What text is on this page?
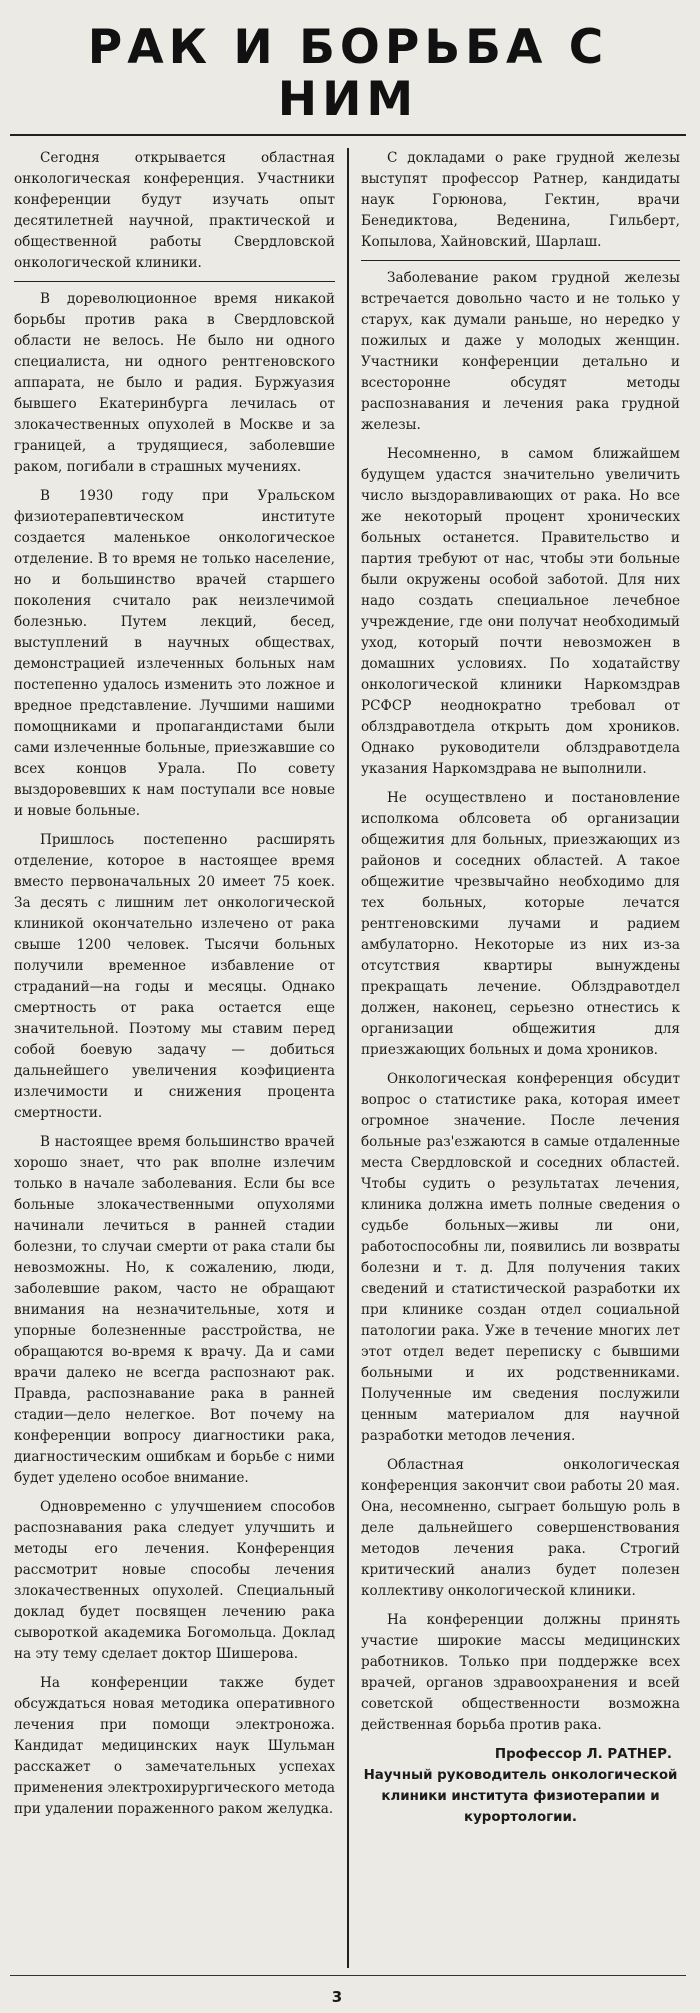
РАК И БОРЬБА С НИМ

Сегодня открывается областная онкологическая конференция. Участники конференции будут изучать опыт десятилетней научной, практической и общественной работы Свердловской онкологической клиники.

В дореволюционное время никакой борьбы против рака в Свердловской области не велось. Не было ни одного специалиста, ни одного рентгеновского аппарата, не было и радия. Буржуазия бывшего Екатеринбурга лечилась от злокачественных опухолей в Москве и за границей, а трудящиеся, заболевшие раком, погибали в страшных мучениях.

В 1930 году при Уральском физиотерапевтическом институте создается маленькое онкологическое отделение. В то время не только население, но и большинство врачей старшего поколения считало рак неизлечимой болезнью. Путем лекций, бесед, выступлений в научных обществах, демонстрацией излеченных больных нам постепенно удалось изменить это ложное и вредное представление. Лучшими нашими помощниками и пропагандистами были сами излеченные больные, приезжавшие со всех концов Урала. По совету выздоровевших к нам поступали все новые и новые больные.

Пришлось постепенно расширять отделение, которое в настоящее время вместо первоначальных 20 имеет 75 коек. За десять с лишним лет онкологической клиникой окончательно излечено от рака свыше 1200 человек. Тысячи больных получили временное избавление от страданий—на годы и месяцы. Однако смертность от рака остается еще значительной. Поэтому мы ставим перед собой боевую задачу — добиться дальнейшего увеличения коэфициента излечимости и снижения процента смертности.

В настоящее время большинство врачей хорошо знает, что рак вполне излечим только в начале заболевания. Если бы все больные злокачественными опухолями начинали лечиться в ранней стадии болезни, то случаи смерти от рака стали бы невозможны. Но, к сожалению, люди, заболевшие раком, часто не обращают внимания на незначительные, хотя и упорные болезненные расстройства, не обращаются во-время к врачу. Да и сами врачи далеко не всегда распознают рак. Правда, распознавание рака в ранней стадии—дело нелегкое. Вот почему на конференции вопросу диагностики рака, диагностическим ошибкам и борьбе с ними будет уделено особое внимание.

Одновременно с улучшением способов распознавания рака следует улучшить и методы его лечения. Конференция рассмотрит новые способы лечения злокачественных опухолей. Специальный доклад будет посвящен лечению рака сывороткой академика Богомольца. Доклад на эту тему сделает доктор Шишерова.

На конференции также будет обсуждаться новая методика оперативного лечения при помощи электроножа. Кандидат медицинских наук Шульман расскажет о замечательных успехах применения электрохирургического метода при удалении пораженного раком желудка.

С докладами о раке грудной железы выступят профессор Ратнер, кандидаты наук Горюнова, Гектин, врачи Бенедиктова, Веденина, Гильберт, Копылова, Хайновский, Шарлаш.

Заболевание раком грудной железы встречается довольно часто и не только у старух, как думали раньше, но нередко у пожилых и даже у молодых женщин. Участники конференции детально и всесторонне обсудят методы распознавания и лечения рака грудной железы.

Несомненно, в самом ближайшем будущем удастся значительно увеличить число выздоравливающих от рака. Но все же некоторый процент хронических больных останется. Правительство и партия требуют от нас, чтобы эти больные были окружены особой заботой. Для них надо создать специальное лечебное учреждение, где они получат необходимый уход, который почти невозможен в домашних условиях. По ходатайству онкологической клиники Наркомздрав РСФСР неоднократно требовал от облздравотдела открыть дом хроников. Однако руководители облздравотдела указания Наркомздрава не выполнили.

Не осуществлено и постановление исполкома облсовета об организации общежития для больных, приезжающих из районов и соседних областей. А такое общежитие чрезвычайно необходимо для тех больных, которые лечатся рентгеновскими лучами и радием амбулаторно. Некоторые из них из-за отсутствия квартиры вынуждены прекращать лечение. Облздравотдел должен, наконец, серьезно отнестись к организации общежития для приезжающих больных и дома хроников.

Онкологическая конференция обсудит вопрос о статистике рака, которая имеет огромное значение. После лечения больные раз'езжаются в самые отдаленные места Свердловской и соседних областей. Чтобы судить о результатах лечения, клиника должна иметь полные сведения о судьбе больных—живы ли они, работоспособны ли, появились ли возвраты болезни и т. д. Для получения таких сведений и статистической разработки их при клинике создан отдел социальной патологии рака. Уже в течение многих лет этот отдел ведет переписку с бывшими больными и их родственниками. Полученные им сведения послужили ценным материалом для научной разработки методов лечения.

Областная онкологическая конференция закончит свои работы 20 мая. Она, несомненно, сыграет большую роль в деле дальнейшего совершенствования методов лечения рака. Строгий критический анализ будет полезен коллективу онкологической клиники.

На конференции должны принять участие широкие массы медицинских работников. Только при поддержке всех врачей, органов здравоохранения и всей советской общественности возможна действенная борьба против рака.

Профессор Л. РАТНЕР.
Научный руководитель онкологической клиники института физиотерапии и курортологии.
3
